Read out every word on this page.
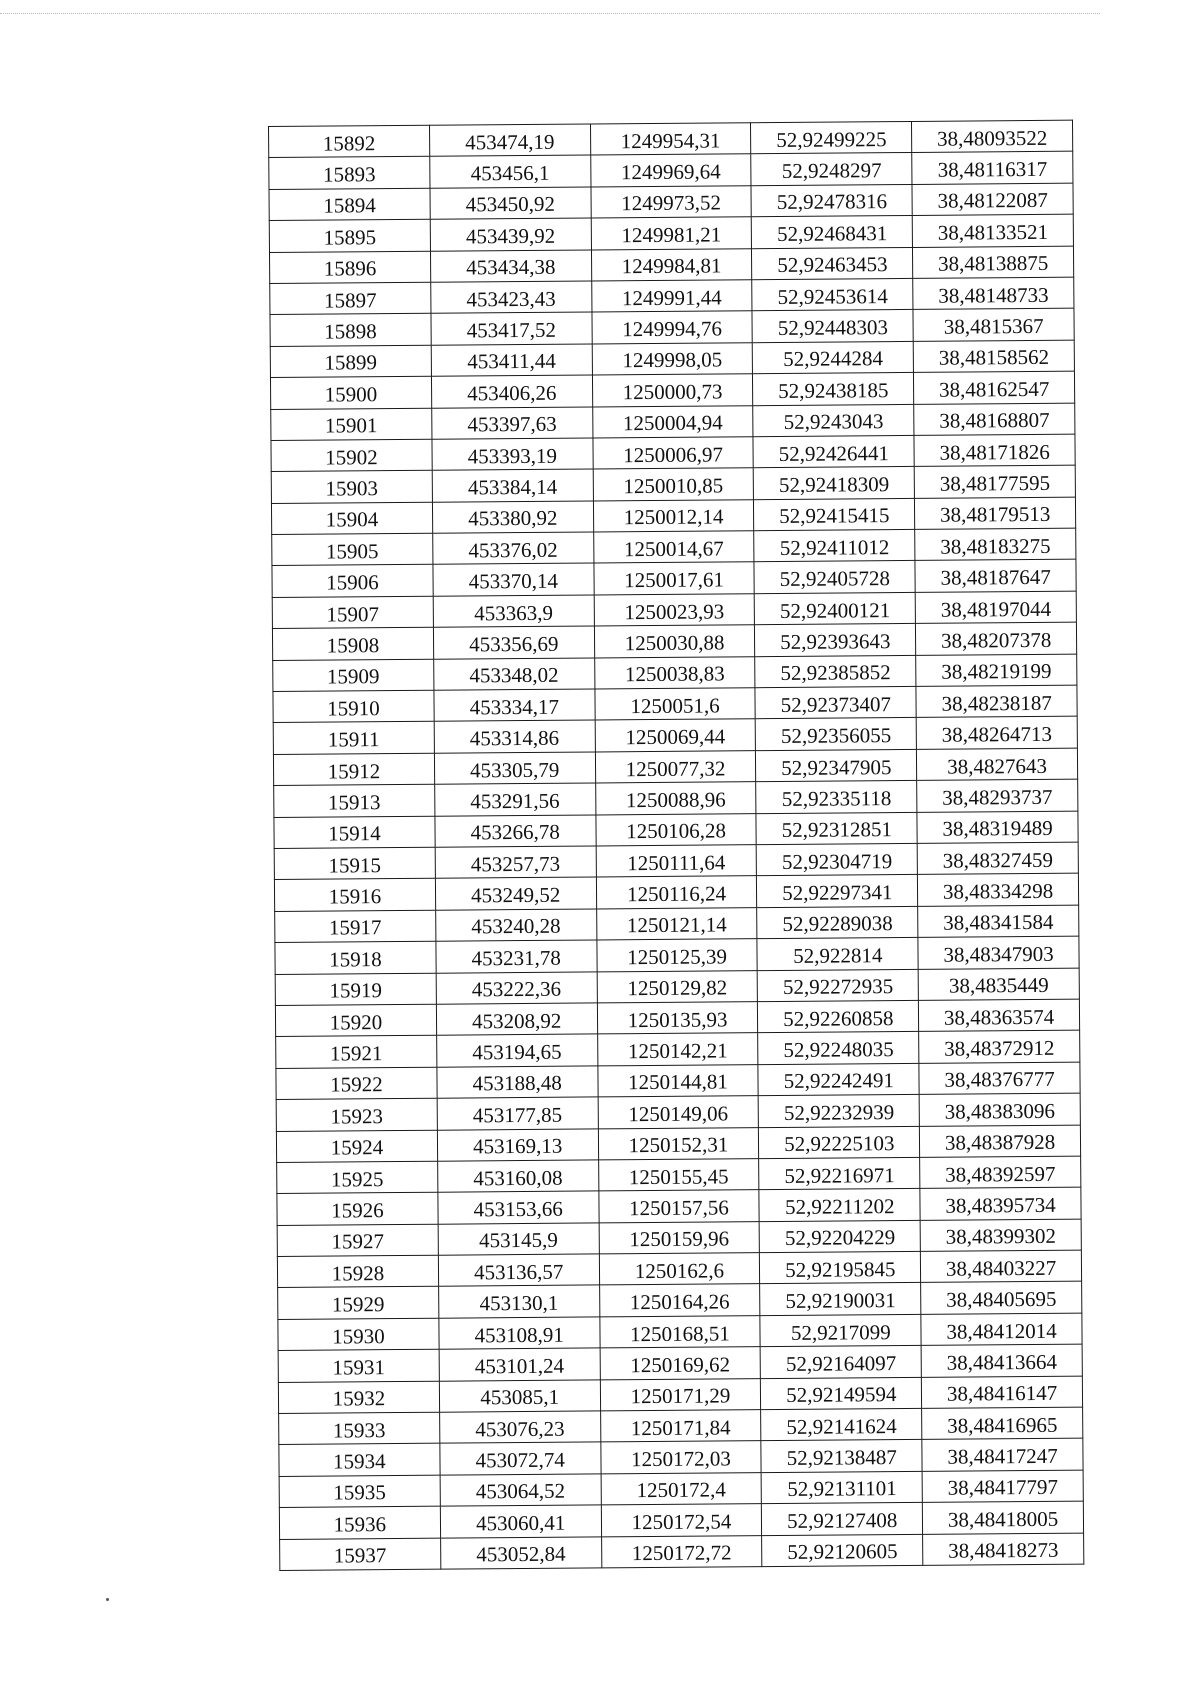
15892	453474,19	1249954,31	52,92499225	38,48093522
15893	453456,1	1249969,64	52,9248297	38,48116317
15894	453450,92	1249973,52	52,92478316	38,48122087
15895	453439,92	1249981,21	52,92468431	38,48133521
15896	453434,38	1249984,81	52,92463453	38,48138875
15897	453423,43	1249991,44	52,92453614	38,48148733
15898	453417,52	1249994,76	52,92448303	38,4815367
15899	453411,44	1249998,05	52,9244284	38,48158562
15900	453406,26	1250000,73	52,92438185	38,48162547
15901	453397,63	1250004,94	52,9243043	38,48168807
15902	453393,19	1250006,97	52,92426441	38,48171826
15903	453384,14	1250010,85	52,92418309	38,48177595
15904	453380,92	1250012,14	52,92415415	38,48179513
15905	453376,02	1250014,67	52,92411012	38,48183275
15906	453370,14	1250017,61	52,92405728	38,48187647
15907	453363,9	1250023,93	52,92400121	38,48197044
15908	453356,69	1250030,88	52,92393643	38,48207378
15909	453348,02	1250038,83	52,92385852	38,48219199
15910	453334,17	1250051,6	52,92373407	38,48238187
15911	453314,86	1250069,44	52,92356055	38,48264713
15912	453305,79	1250077,32	52,92347905	38,4827643
15913	453291,56	1250088,96	52,92335118	38,48293737
15914	453266,78	1250106,28	52,92312851	38,48319489
15915	453257,73	1250111,64	52,92304719	38,48327459
15916	453249,52	1250116,24	52,92297341	38,48334298
15917	453240,28	1250121,14	52,92289038	38,48341584
15918	453231,78	1250125,39	52,922814	38,48347903
15919	453222,36	1250129,82	52,92272935	38,4835449
15920	453208,92	1250135,93	52,92260858	38,48363574
15921	453194,65	1250142,21	52,92248035	38,48372912
15922	453188,48	1250144,81	52,92242491	38,48376777
15923	453177,85	1250149,06	52,92232939	38,48383096
15924	453169,13	1250152,31	52,92225103	38,48387928
15925	453160,08	1250155,45	52,92216971	38,48392597
15926	453153,66	1250157,56	52,92211202	38,48395734
15927	453145,9	1250159,96	52,92204229	38,48399302
15928	453136,57	1250162,6	52,92195845	38,48403227
15929	453130,1	1250164,26	52,92190031	38,48405695
15930	453108,91	1250168,51	52,9217099	38,48412014
15931	453101,24	1250169,62	52,92164097	38,48413664
15932	453085,1	1250171,29	52,92149594	38,48416147
15933	453076,23	1250171,84	52,92141624	38,48416965
15934	453072,74	1250172,03	52,92138487	38,48417247
15935	453064,52	1250172,4	52,92131101	38,48417797
15936	453060,41	1250172,54	52,92127408	38,48418005
15937	453052,84	1250172,72	52,92120605	38,48418273
